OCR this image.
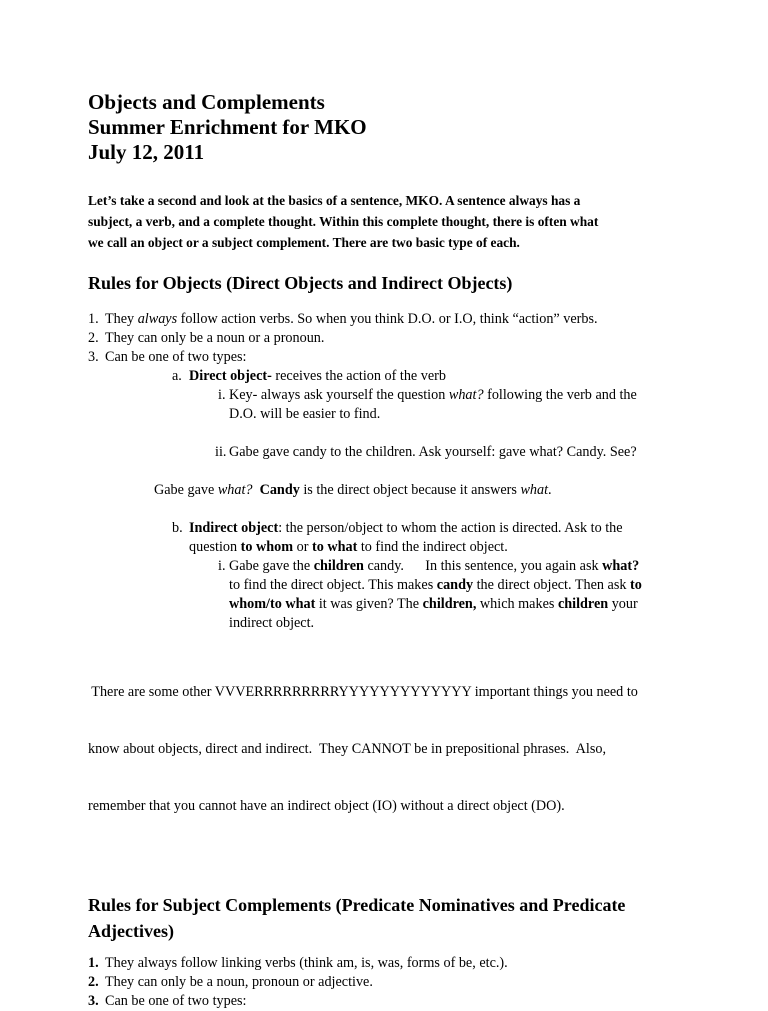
Objects and Complements
Summer Enrichment for MKO
July 12, 2011
Let’s take a second and look at the basics of a sentence, MKO. A sentence always has a
subject, a verb, and a complete thought. Within this complete thought, there is often what
we call an object or a subject complement. There are two basic type of each.
Rules for Objects (Direct Objects and Indirect Objects)
1. They always follow action verbs. So when you think D.O. or I.O, think “action” verbs.
2. They can only be a noun or a pronoun.
3. Can be one of two types:
a. Direct object- receives the action of the verb
i. Key- always ask yourself the question what? following the verb and the
D.O. will be easier to find.
ii. Gabe gave candy to the children. Ask yourself: gave what? Candy. See?
Gabe gave what? Candy is the direct object because it answers what.
b. Indirect object: the person/object to whom the action is directed. Ask to the
question to whom or to what to find the indirect object.
i. Gabe gave the children candy.      In this sentence, you again ask what?
to find the direct object. This makes candy the direct object. Then ask to
whom/to what it was given? The children, which makes children your
indirect object.

There are some other VVVERRRRRRRRRYYYYYYYYYYYYY important things you need to

know about objects, direct and indirect.  They CANNOT be in prepositional phrases.  Also,

remember that you cannot have an indirect object (IO) without a direct object (DO).

Rules for Subject Complements (Predicate Nominatives and Predicate
Adjectives)
1. They always follow linking verbs (think am, is, was, forms of be, etc.).
2. They can only be a noun, pronoun or adjective.
3. Can be one of two types:
